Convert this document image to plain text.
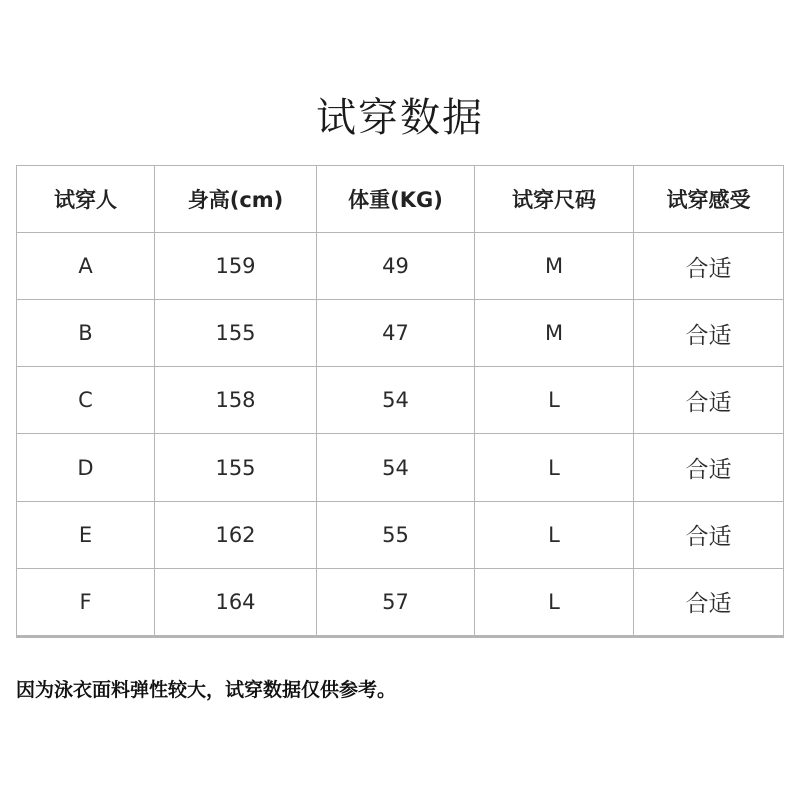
试穿数据
试穿人	身高(cm)	体重(KG)	试穿尺码	试穿感受
A	159	49	M	合适
B	155	47	M	合适
C	158	54	L	合适
D	155	54	L	合适
E	162	55	L	合适
F	164	57	L	合适
因为泳衣面料弹性较大，试穿数据仅供参考。
